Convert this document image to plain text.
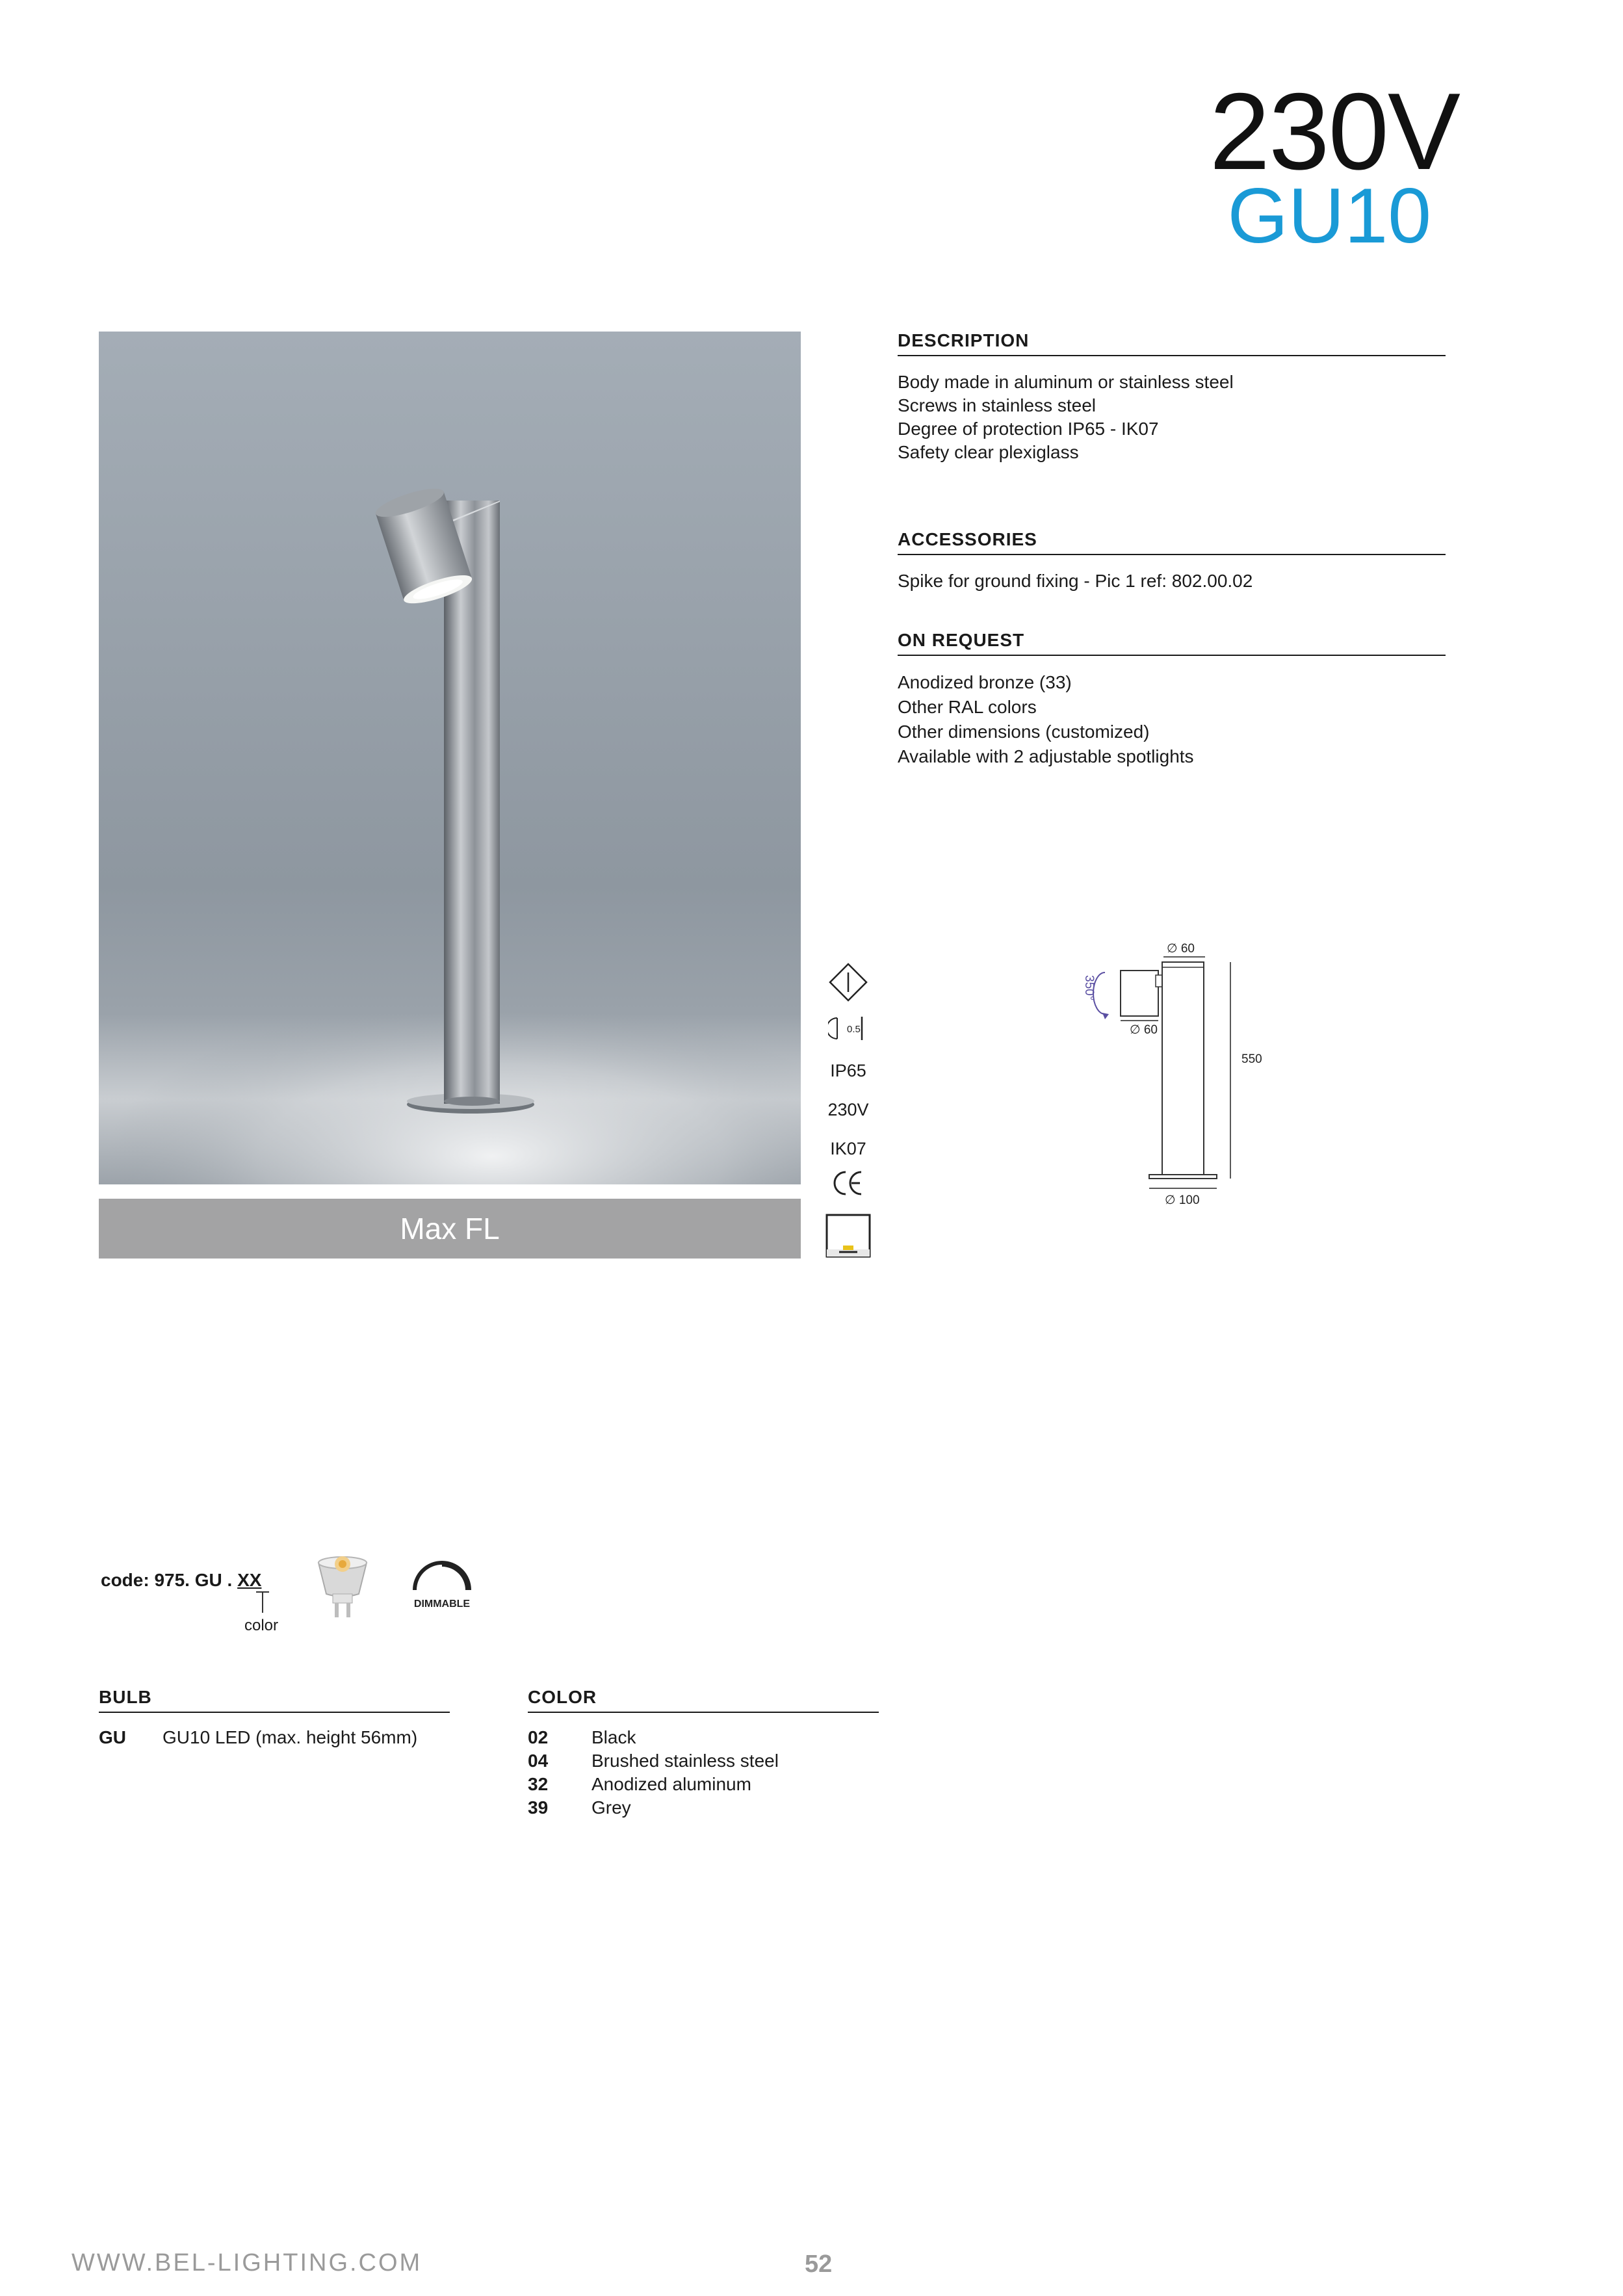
230V
GU10
Max FL
0.5
IP65
230V
IK07
DESCRIPTION
Body made in aluminum or stainless steel
Screws in stainless steel
Degree of protection IP65 - IK07
Safety clear plexiglass
ACCESSORIES
Spike for ground fixing - Pic 1 ref: 802.00.02
ON REQUEST
Anodized bronze (33)
Other RAL colors
Other dimensions (customized)
Available with 2 adjustable spotlights
∅ 60
∅ 60
550
∅ 100
350°
code: 975. GU . XX
color
DIMMABLE
BULB
GU	GU10 LED (max. height 56mm)
COLOR
02	Black
04	Brushed stainless steel
32	Anodized aluminum
39	Grey
WWW.BEL-LIGHTING.COM	52
